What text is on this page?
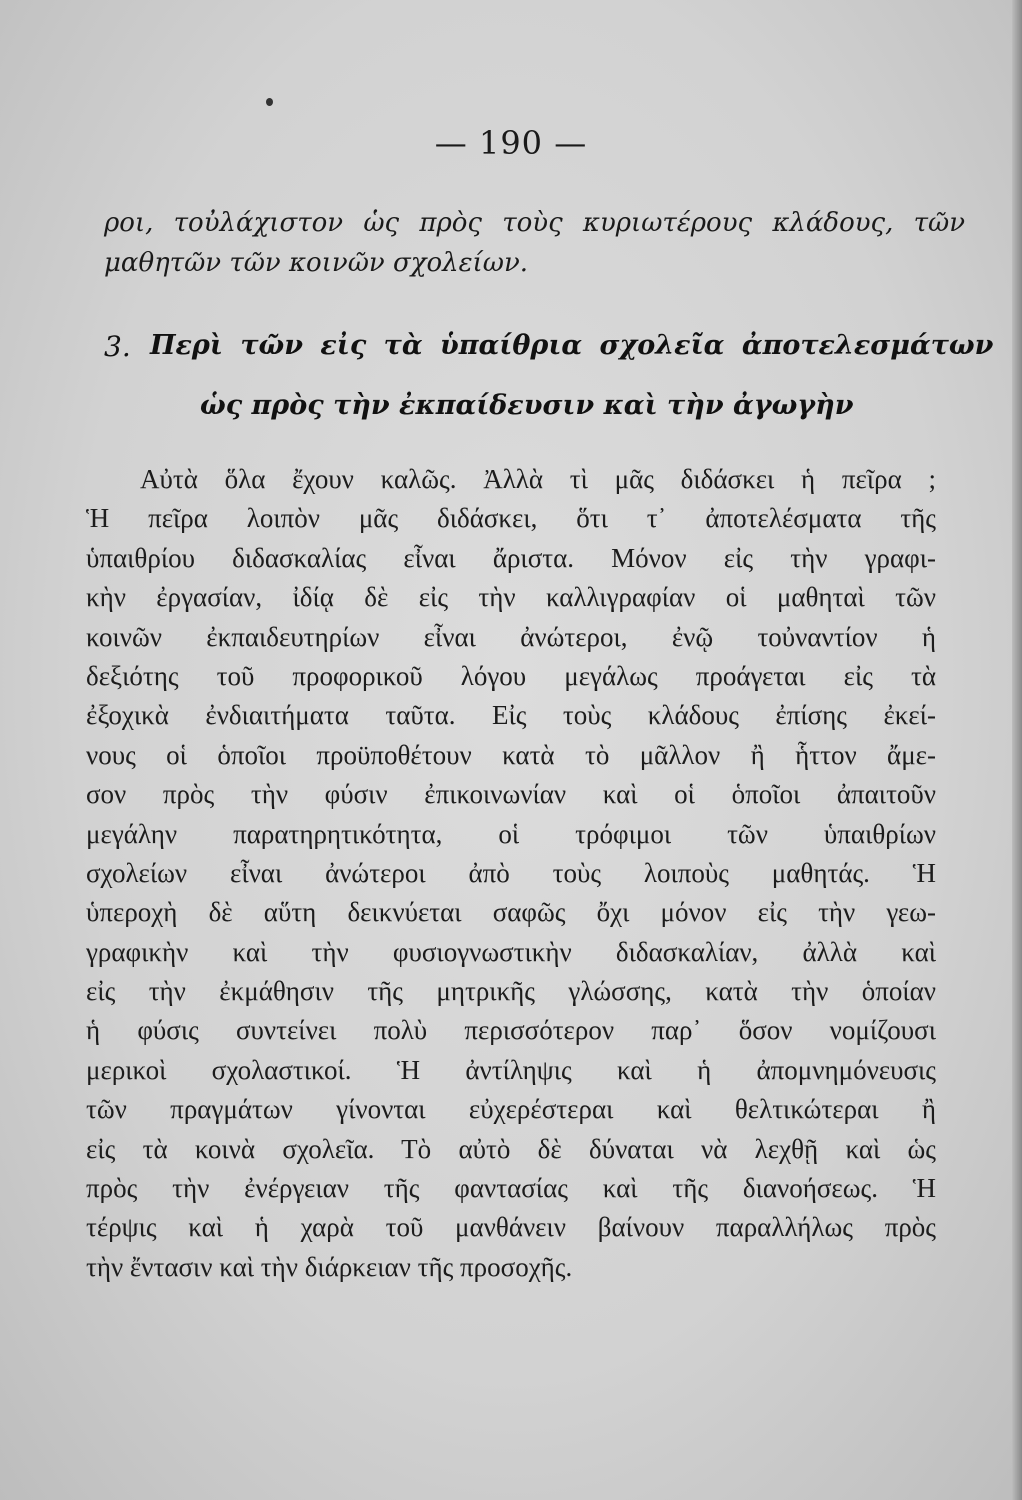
— 190 —
ροι, τοὐλάχιστον ὡς πρὸς τοὺς κυριωτέρους κλάδους, τῶν
μαθητῶν τῶν κοινῶν σχολείων.
3. Περὶ τῶν εἰς τὰ ὑπαίθρια σχολεῖα ἀποτελεσμάτων
ὡς πρὸς τὴν ἐκπαίδευσιν καὶ τὴν ἀγωγὴν
Αὐτὰ ὅλα ἔχουν καλῶς. Ἀλλὰ τὶ μᾶς διδάσκει ἡ πεῖρα ;
Ἡ πεῖρα λοιπὸν μᾶς διδάσκει, ὅτι τ᾽ ἀποτελέσματα τῆς
ὑπαιθρίου διδασκαλίας εἶναι ἄριστα. Μόνον εἰς τὴν γραφι-
κὴν ἐργασίαν, ἰδίᾳ δὲ εἰς τὴν καλλιγραφίαν οἱ μαθηταὶ τῶν
κοινῶν ἐκπαιδευτηρίων εἶναι ἀνώτεροι, ἐνῷ τοὐναντίον ἡ
δεξιότης τοῦ προφορικοῦ λόγου μεγάλως προάγεται εἰς τὰ
ἐξοχικὰ ἐνδιαιτήματα ταῦτα. Εἰς τοὺς κλάδους ἐπίσης ἐκεί-
νους οἱ ὁποῖοι προϋποθέτουν κατὰ τὸ μᾶλλον ἢ ἧττον ἄμε-
σον πρὸς τὴν φύσιν ἐπικοινωνίαν καὶ οἱ ὁποῖοι ἀπαιτοῦν
μεγάλην παρατηρητικότητα, οἱ τρόφιμοι τῶν ὑπαιθρίων
σχολείων εἶναι ἀνώτεροι ἀπὸ τοὺς λοιποὺς μαθητάς. Ἡ
ὑπεροχὴ δὲ αὕτη δεικνύεται σαφῶς ὄχι μόνον εἰς τὴν γεω-
γραφικὴν καὶ τὴν φυσιογνωστικὴν διδασκαλίαν, ἀλλὰ καὶ
εἰς τὴν ἐκμάθησιν τῆς μητρικῆς γλώσσης, κατὰ τὴν ὁποίαν
ἡ φύσις συντείνει πολὺ περισσότερον παρ᾽ ὅσον νομίζουσι
μερικοὶ σχολαστικοί. Ἡ ἀντίληψις καὶ ἡ ἀπομνημόνευσις
τῶν πραγμάτων γίνονται εὐχερέστεραι καὶ θελτικώτεραι ἢ
εἰς τὰ κοινὰ σχολεῖα. Τὸ αὐτὸ δὲ δύναται νὰ λεχθῇ καὶ ὡς
πρὸς τὴν ἐνέργειαν τῆς φαντασίας καὶ τῆς διανοήσεως. Ἡ
τέρψις καὶ ἡ χαρὰ τοῦ μανθάνειν βαίνουν παραλλήλως πρὸς
τὴν ἔντασιν καὶ τὴν διάρκειαν τῆς προσοχῆς.
